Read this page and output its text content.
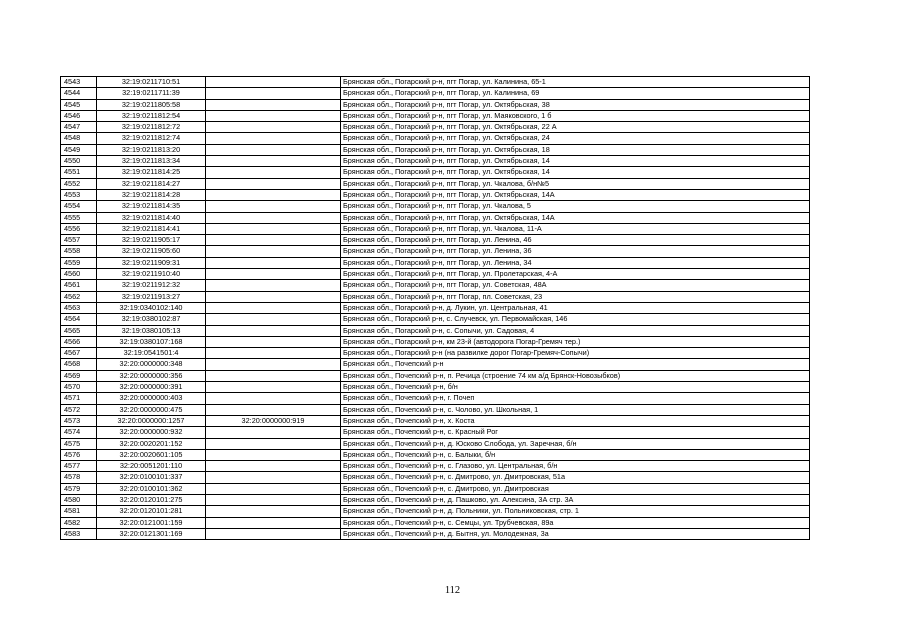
4543	32:19:0211710:51		Брянская обл., Погарский р-н, пгт Погар, ул. Калинина, 65-1
4544	32:19:0211711:39		Брянская обл., Погарский р-н, пгт Погар, ул. Калинина, 69
4545	32:19:0211805:58		Брянская обл., Погарский р-н, пгт Погар, ул. Октябрьская, 38
4546	32:19:0211812:54		Брянская обл., Погарский р-н, пгт Погар, ул. Маяковского, 1 б
4547	32:19:0211812:72		Брянская обл., Погарский р-н, пгт Погар, ул. Октябрьская, 22 А
4548	32:19:0211812:74		Брянская обл., Погарский р-н, пгт Погар, ул. Октябрьская, 24
4549	32:19:0211813:20		Брянская обл., Погарский р-н, пгт Погар, ул. Октябрьская, 18
4550	32:19:0211813:34		Брянская обл., Погарский р-н, пгт Погар, ул. Октябрьская, 14
4551	32:19:0211814:25		Брянская обл., Погарский р-н, пгт Погар, ул. Октябрьская, 14
4552	32:19:0211814:27		Брянская обл., Погарский р-н, пгт Погар, ул. Чкалова, б/н№5
4553	32:19:0211814:28		Брянская обл., Погарский р-н, пгт Погар, ул. Октябрьская, 14А
4554	32:19:0211814:35		Брянская обл., Погарский р-н, пгт Погар, ул. Чкалова, 5
4555	32:19:0211814:40		Брянская обл., Погарский р-н, пгт Погар, ул. Октябрьская, 14А
4556	32:19:0211814:41		Брянская обл., Погарский р-н, пгт Погар, ул. Чкалова, 11-А
4557	32:19:0211905:17		Брянская обл., Погарский р-н, пгт Погар, ул. Ленина, 46
4558	32:19:0211905:60		Брянская обл., Погарский р-н, пгт Погар, ул. Ленина, 36
4559	32:19:0211909:31		Брянская обл., Погарский р-н, пгт Погар, ул. Ленина, 34
4560	32:19:0211910:40		Брянская обл., Погарский р-н, пгт Погар, ул. Пролетарская, 4-А
4561	32:19:0211912:32		Брянская обл., Погарский р-н, пгт Погар, ул. Советская, 48А
4562	32:19:0211913:27		Брянская обл., Погарский р-н, пгт Погар, пл. Советская, 23
4563	32:19:0340102:140		Брянская обл., Погарский р-н, д. Лукин, ул. Центральная, 41
4564	32:19:0380102:87		Брянская обл., Погарский р-н, с. Случевск, ул. Первомайская, 146
4565	32:19:0380105:13		Брянская обл., Погарский р-н, с. Сопычи, ул. Садовая, 4
4566	32:19:0380107:168		Брянская обл., Погарский р-н, км 23-й (автодорога Погар-Гремяч тер.)
4567	32:19:0541501:4		Брянская обл., Погарский р-н (на развилке дорог Погар-Гремяч-Сопычи)
4568	32:20:0000000:348		Брянская обл., Почепский р-н
4569	32:20:0000000:356		Брянская обл., Почепский р-н, п. Речица (строение 74 км а/д Брянск-Новозыбков)
4570	32:20:0000000:391		Брянская обл., Почепский р-н, б/н
4571	32:20:0000000:403		Брянская обл., Почепский р-н, г. Почеп
4572	32:20:0000000:475		Брянская обл., Почепский р-н, с. Чолово, ул. Школьная, 1
4573	32:20:0000000:1257	32:20:0000000:919	Брянская обл., Почепский р-н, х. Коста
4574	32:20:0000000:932		Брянская обл., Почепский р-н, с. Красный Рог
4575	32:20:0020201:152		Брянская обл., Почепский р-н, д. Юсково Слобода, ул. Заречная, б/н
4576	32:20:0020601:105		Брянская обл., Почепский р-н, с. Балыки, б/н
4577	32:20:0051201:110		Брянская обл., Почепский р-н, с. Глазово, ул. Центральная, б/н
4578	32:20:0100101:337		Брянская обл., Почепский р-н, с. Дмитрово, ул. Дмитровская, 51а
4579	32:20:0100101:362		Брянская обл., Почепский р-н, с. Дмитрово, ул. Дмитровская
4580	32:20:0120101:275		Брянская обл., Почепский р-н, д. Пашково, ул. Алексина, 3А стр. 3А
4581	32:20:0120101:281		Брянская обл., Почепский р-н, д. Польники, ул. Польниковская, стр. 1
4582	32:20:0121001:159		Брянская обл., Почепский р-н, с. Семцы, ул. Трубчевская, 89а
4583	32:20:0121301:169		Брянская обл., Почепский р-н, д. Бытня, ул. Молодежная, 3а
112
